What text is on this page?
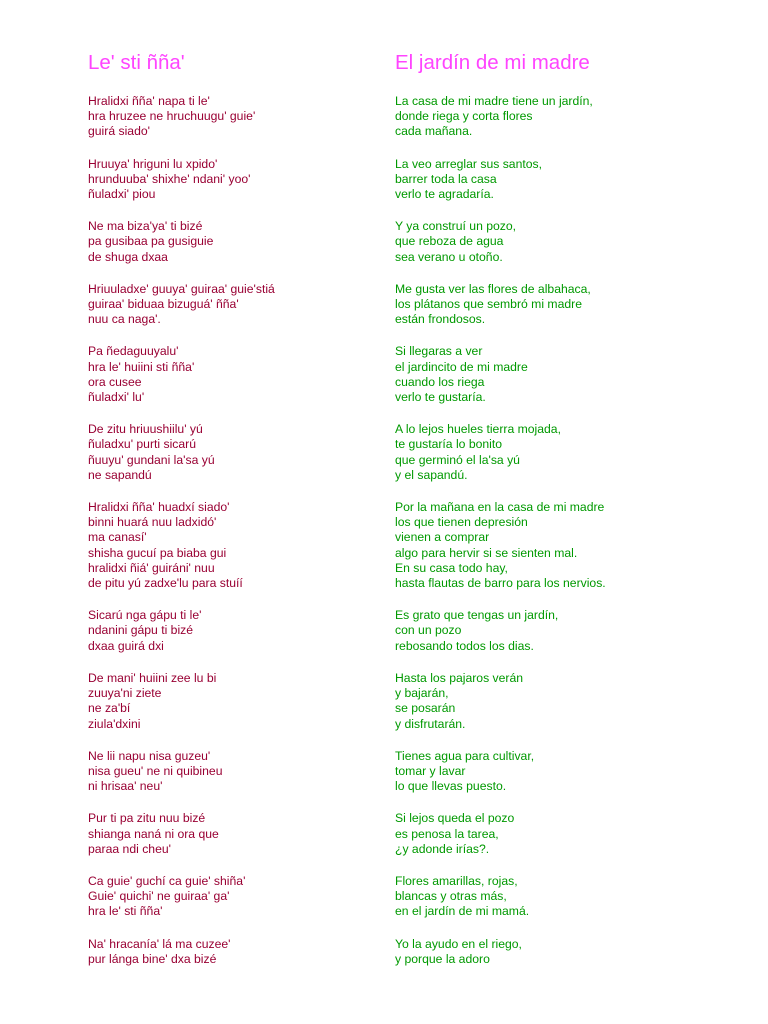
Le' sti ñña'

Hralidxi ñña' napa ti le'
hra hruzee ne hruchuugu' guie'
guirá siado'

Hruuya' hriguni lu xpido'
hrunduuba' shixhe' ndani' yoo'
ñuladxi' piou

Ne ma biza'ya' ti bizé
pa gusibaa pa gusiguie
de shuga dxaa

Hriuuladxe' guuya' guiraa' guie'stiá
guiraa' biduaa bizuguá' ñña'
nuu ca naga'.

Pa ñedaguuyalu'
hra le' huiini sti ñña'
ora cusee
ñuladxi' lu'

De zitu hriuushiilu' yú
ñuladxu' purti sicarú
ñuuyu' gundani la'sa yú
ne sapandú

Hralidxi ñña' huadxí siado'
binni huará nuu ladxidó'
ma canasí'
shisha gucuí pa biaba gui
hralidxi ñiá' guiráni' nuu
de pitu yú zadxe'lu para stuíí

Sicarú nga gápu ti le'
ndanini gápu ti bizé
dxaa guirá dxi

De mani' huiini zee lu bi
zuuya'ni ziete
ne za'bí
ziula'dxini

Ne lii napu nisa guzeu'
nisa gueu' ne ni quibineu
ni hrisaa' neu'

Pur ti pa zitu nuu bizé
shianga naná ni ora que
paraa ndi cheu'

Ca guie' guchí ca guie' shiña'
Guie' quichi' ne guiraa' ga'
hra le' sti ñña'

Na' hracanía' lá ma cuzee'
pur lánga bine' dxa bizé

El jardín de mi madre

La casa de mi madre tiene un jardín,
donde riega y corta flores
cada mañana.

La veo arreglar sus santos,
barrer toda la casa
verlo te agradaría.

Y ya construí un pozo,
que reboza de agua
sea verano u otoño.

Me gusta ver las flores de albahaca,
los plátanos que sembró mi madre
están frondosos.

Si llegaras a ver
el jardincito de mi madre
cuando los riega
verlo te gustaría.

A lo lejos hueles tierra mojada,
te gustaría lo bonito
que germinó el la'sa yú
y el sapandú.

Por la mañana en la casa de mi madre
los que tienen depresión
vienen a comprar
algo para hervir si se sienten mal.
En su casa todo hay,
hasta flautas de barro para los nervios.

Es grato que tengas un jardín,
con un pozo
rebosando todos los dias.

Hasta los pajaros verán
y bajarán,
se posarán
y disfrutarán.

Tienes agua para cultivar,
tomar y lavar
lo que llevas puesto.

Si lejos queda el pozo
es penosa la tarea,
¿y adonde irías?.

Flores amarillas, rojas,
blancas y otras más,
en el jardín de mi mamá.

Yo la ayudo en el riego,
y porque la adoro
